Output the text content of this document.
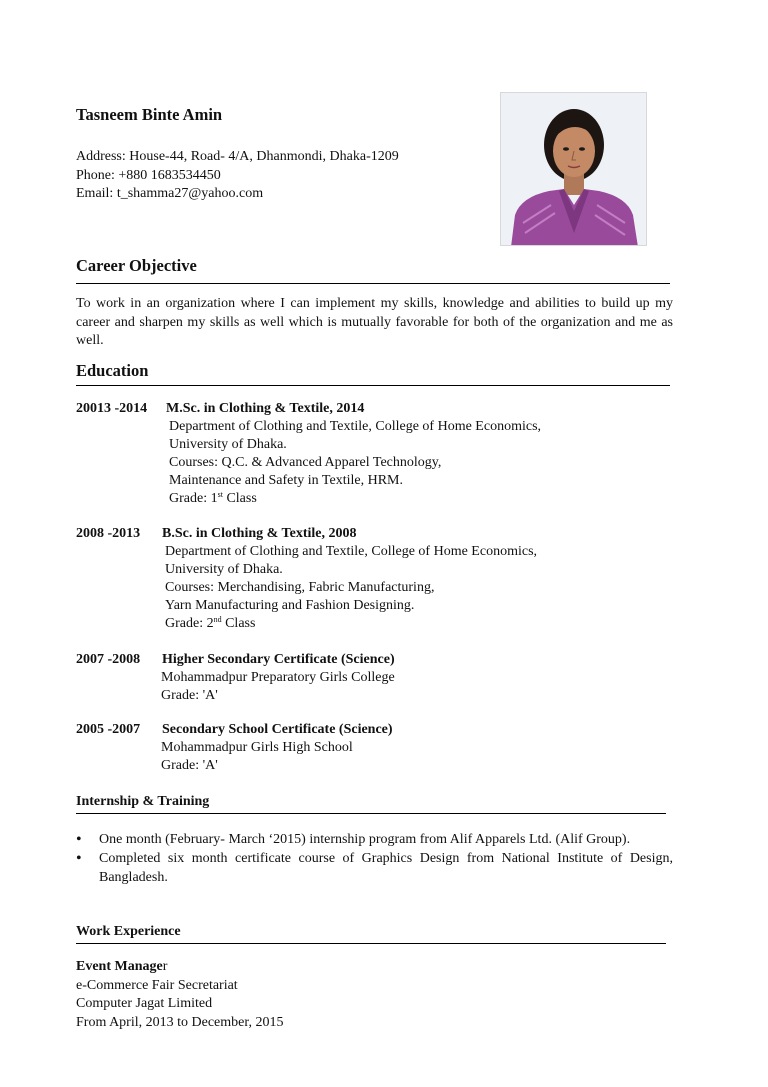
Tasneem Binte Amin
Address: House-44, Road- 4/A, Dhanmondi, Dhaka-1209
Phone: +880 1683534450
Email: t_shamma27@yahoo.com
Career Objective
To work in an organization where I can implement my skills, knowledge and abilities to build up my career and sharpen my skills as well which is mutually favorable for both of the organization and me as well.
Education
20013 -2014 M.Sc. in Clothing & Textile, 2014
Department of Clothing and Textile, College of Home Economics,
University of Dhaka.
Courses: Q.C. & Advanced Apparel Technology,
Maintenance and Safety in Textile, HRM.
Grade: 1st Class
2008 -2013 B.Sc. in Clothing & Textile, 2008
Department of Clothing and Textile, College of Home Economics,
University of Dhaka.
Courses: Merchandising, Fabric Manufacturing,
Yarn Manufacturing and Fashion Designing.
Grade: 2nd Class
2007 -2008 Higher Secondary Certificate (Science)
Mohammadpur Preparatory Girls College
Grade: 'A'
2005 -2007 Secondary School Certificate (Science)
Mohammadpur Girls High School
Grade: 'A'
Internship & Training
• One month (February- March ‘2015) internship program from Alif Apparels Ltd. (Alif Group).
• Completed six month certificate course of Graphics Design from National Institute of Design, Bangladesh.
Work Experience
Event Manager
e-Commerce Fair Secretariat
Computer Jagat Limited
From April, 2013 to December, 2015
